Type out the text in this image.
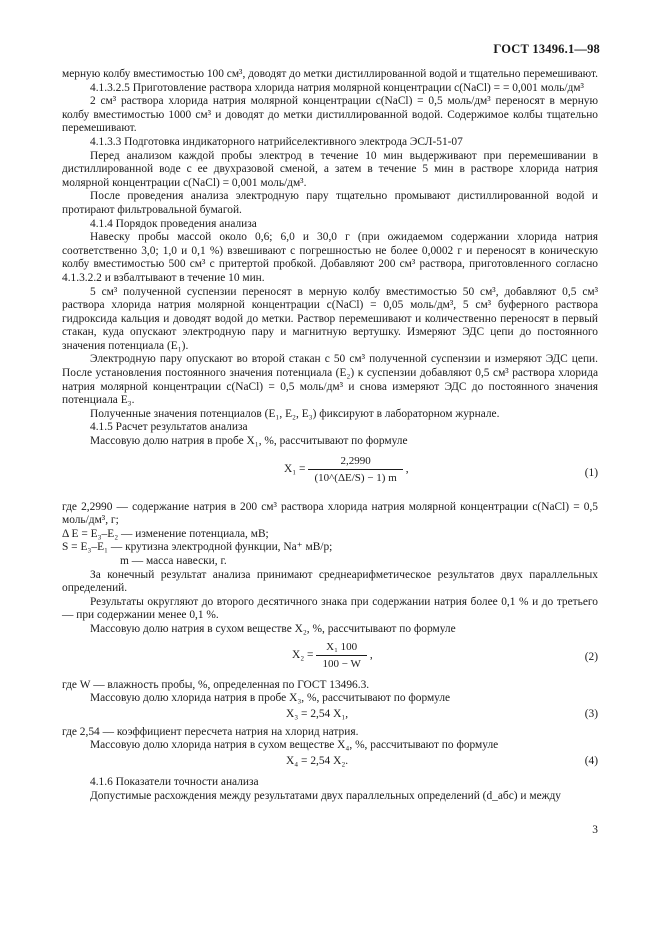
ГОСТ 13496.1—98

мерную колбу вместимостью 100 см³, доводят до метки дистиллированной водой и тщательно перемешивают.

4.1.3.2.5 Приготовление раствора хлорида натрия молярной концентрации c(NaCl) = = 0,001 моль/дм³

2 см³ раствора хлорида натрия молярной концентрации c(NaCl) = 0,5 моль/дм³ переносят в мерную колбу вместимостью 1000 см³ и доводят до метки дистиллированной водой. Содержимое колбы тщательно перемешивают.

4.1.3.3 Подготовка индикаторного натрийселективного электрода ЭСЛ-51-07

Перед анализом каждой пробы электрод в течение 10 мин выдерживают при перемешивании в дистиллированной воде с ее двухразовой сменой, а затем в течение 5 мин в растворе хлорида натрия молярной концентрации c(NaCl) = 0,001 моль/дм³.

После проведения анализа электродную пару тщательно промывают дистиллированной водой и протирают фильтровальной бумагой.

4.1.4 Порядок проведения анализа

Навеску пробы массой около 0,6; 6,0 и 30,0 г (при ожидаемом содержании хлорида натрия соответственно 3,0; 1,0 и 0,1 %) взвешивают с погрешностью не более 0,0002 г и переносят в коническую колбу вместимостью 500 см³ с притертой пробкой. Добавляют 200 см³ раствора, приготовленного согласно 4.1.3.2.2 и взбалтывают в течение 10 мин.

5 см³ полученной суспензии переносят в мерную колбу вместимостью 50 см³, добавляют 0,5 см³ раствора хлорида натрия молярной концентрации c(NaCl) = 0,05 моль/дм³, 5 см³ буферного раствора гидроксида кальция и доводят водой до метки. Раствор перемешивают и количественно переносят в первый стакан, куда опускают электродную пару и магнитную вертушку. Измеряют ЭДС цепи до постоянного значения потенциала (E₁).

Электродную пару опускают во второй стакан с 50 см³ полученной суспензии и измеряют ЭДС цепи. После установления постоянного значения потенциала (E₂) к суспензии добавляют 0,5 см³ раствора хлорида натрия молярной концентрации c(NaCl) = 0,5 моль/дм³ и снова измеряют ЭДС до постоянного значения потенциала E₃.

Полученные значения потенциалов (E₁, E₂, E₃) фиксируют в лабораторном журнале.

4.1.5 Расчет результатов анализа

Массовую долю натрия в пробе X₁, %, рассчитывают по формуле

$X_1 = \frac{2,2990}{(10\^{}(\Delta E/S) - 1) m}$ ,	(1)

где 2,2990 — содержание натрия в 200 см³ раствора хлорида натрия молярной концентрации c(NaCl) = 0,5 моль/дм³, г;

Δ E = E₃–E₂ — изменение потенциала, мВ;

S = E₃–E₁ — крутизна электродной функции, Na⁺ мВ/р;

m — масса навески, г.

За конечный результат анализа принимают среднеарифметическое результатов двух параллельных определений.

Результаты округляют до второго десятичного знака при содержании натрия более 0,1 % и до третьего — при содержании менее 0,1 %.

Массовую долю натрия в сухом веществе X₂, %, рассчитывают по формуле

$X_2 = \frac{\text{X₁ 100}}{100 - W}$ ,	(2)

где W — влажность пробы, %, определенная по ГОСТ 13496.3.

Массовую долю хлорида натрия в пробе X₃, %, рассчитывают по формуле

X₃ = 2,54 X₁,	(3)

где 2,54 — коэффициент пересчета натрия на хлорид натрия.

Массовую долю хлорида натрия в сухом веществе X₄, %, рассчитывают по формуле

X₄ = 2,54 X₂.	(4)

4.1.6 Показатели точности анализа

Допустимые расхождения между результатами двух параллельных определений (d_абс) и между

3
